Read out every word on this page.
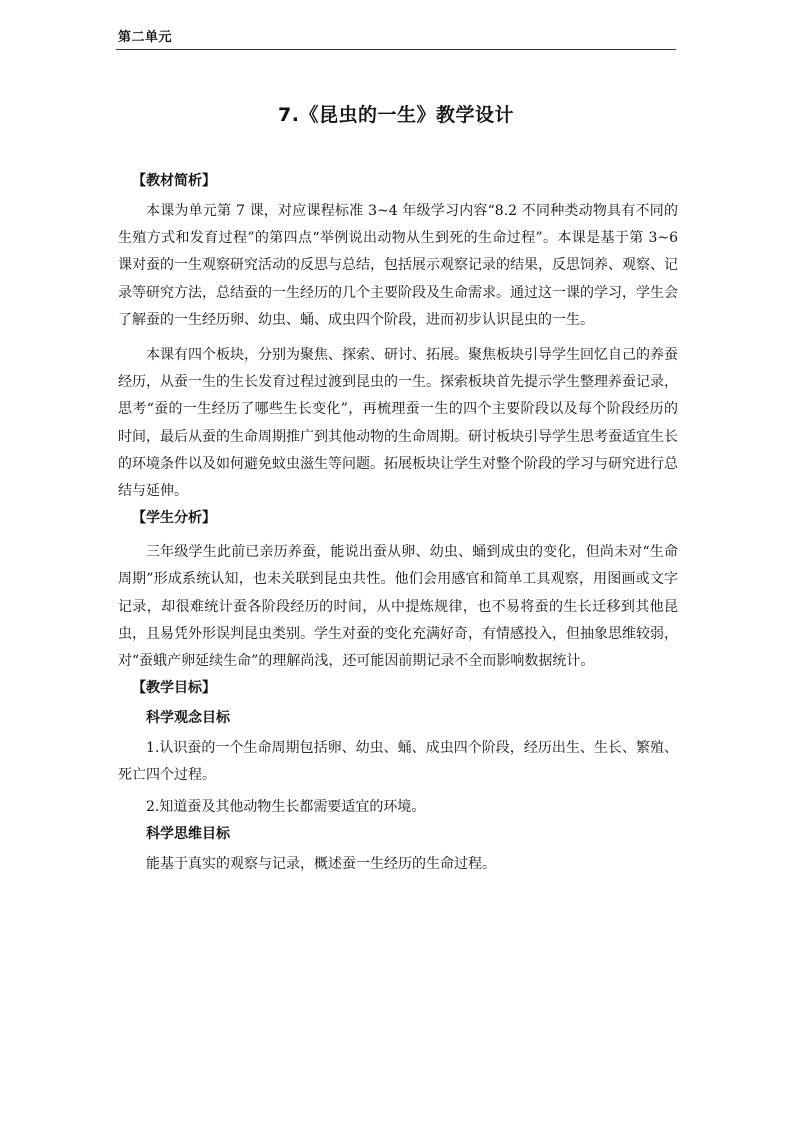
第二单元
7.《昆虫的一生》教学设计
【教材简析】

本课为单元第 7 课，对应课程标准 3~4 年级学习内容“8.2 不同种类动物具有不同的生殖方式和发育过程”的第四点“举例说出动物从生到死的生命过程”。本课是基于第 3~6 课对蚕的一生观察研究活动的反思与总结，包括展示观察记录的结果，反思饲养、观察、记录等研究方法，总结蚕的一生经历的几个主要阶段及生命需求。通过这一课的学习，学生会了解蚕的一生经历卵、幼虫、蛹、成虫四个阶段，进而初步认识昆虫的一生。

本课有四个板块，分别为聚焦、探索、研讨、拓展。聚焦板块引导学生回忆自己的养蚕经历，从蚕一生的生长发育过程过渡到昆虫的一生。探索板块首先提示学生整理养蚕记录，思考“蚕的一生经历了哪些生长变化”，再梳理蚕一生的四个主要阶段以及每个阶段经历的时间，最后从蚕的生命周期推广到其他动物的生命周期。研讨板块引导学生思考蚕适宜生长的环境条件以及如何避免蚊虫滋生等问题。拓展板块让学生对整个阶段的学习与研究进行总结与延伸。

【学生分析】

三年级学生此前已亲历养蚕，能说出蚕从卵、幼虫、蛹到成虫的变化，但尚未对“生命周期”形成系统认知，也未关联到昆虫共性。他们会用感官和简单工具观察，用图画或文字记录，却很难统计蚕各阶段经历的时间，从中提炼规律，也不易将蚕的生长迁移到其他昆虫，且易凭外形误判昆虫类别。学生对蚕的变化充满好奇，有情感投入，但抽象思维较弱，对“蚕蛾产卵延续生命”的理解尚浅，还可能因前期记录不全而影响数据统计。

【教学目标】
科学观念目标

1.认识蚕的一个生命周期包括卵、幼虫、蛹、成虫四个阶段，经历出生、生长、繁殖、死亡四个过程。

2.知道蚕及其他动物生长都需要适宜的环境。

科学思维目标

能基于真实的观察与记录，概述蚕一生经历的生命过程。
